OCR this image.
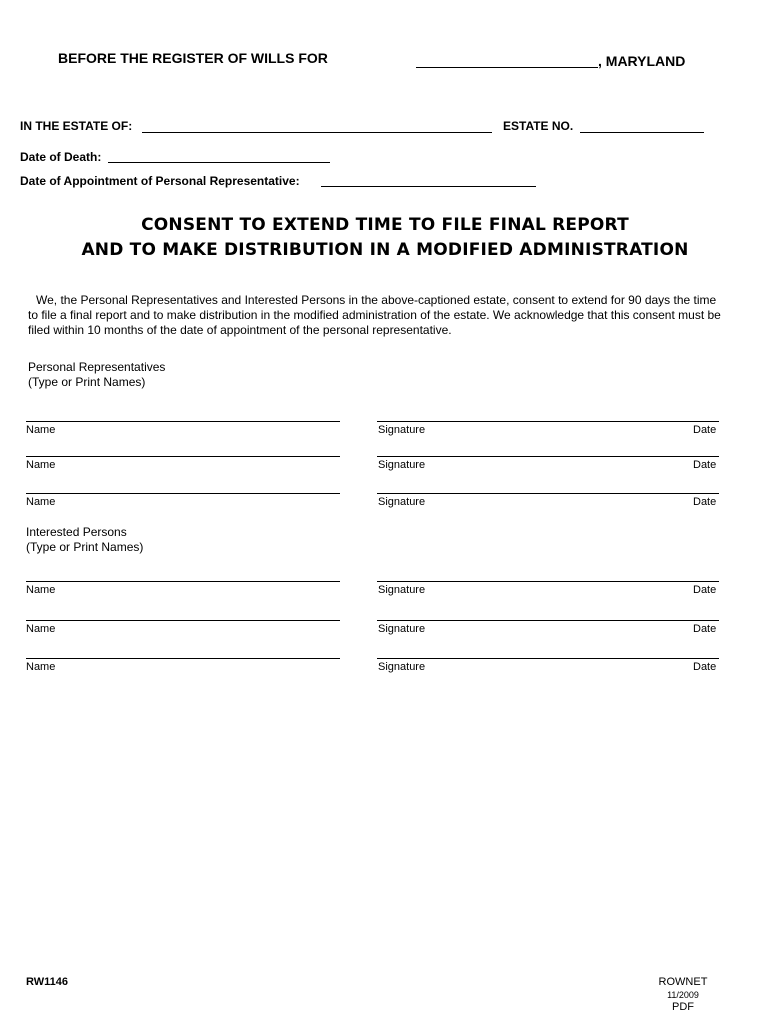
BEFORE THE REGISTER OF WILLS FOR	, MARYLAND
IN THE ESTATE OF:	ESTATE NO.
Date of Death:
Date of Appointment of Personal Representative:
CONSENT TO EXTEND TIME TO FILE FINAL REPORT
AND TO MAKE DISTRIBUTION IN A MODIFIED ADMINISTRATION
We, the Personal Representatives and Interested Persons in the above-captioned estate, consent to extend for 90 days the time to file a final report and to make distribution in the modified administration of the estate. We acknowledge that this consent must be filed within 10 months of the date of appointment of the personal representative.
Personal Representatives
(Type or Print Names)
Name	Signature	Date
Name	Signature	Date
Name	Signature	Date
Interested Persons
(Type or Print Names)
Name	Signature	Date
Name	Signature	Date
Name	Signature	Date
RW1146	ROWNET
11/2009
PDF
